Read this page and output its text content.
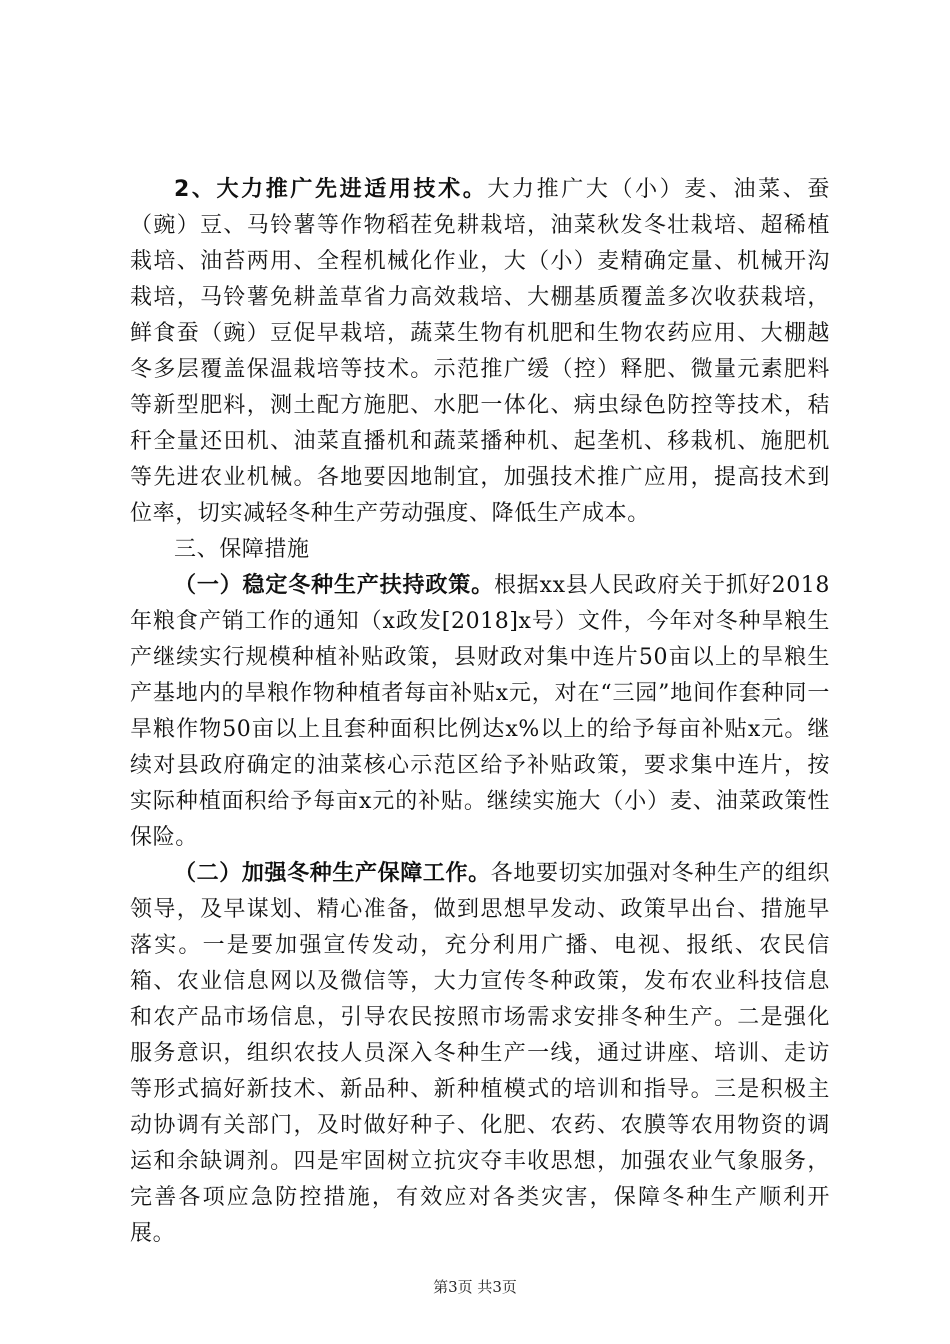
2、大力推广先进适用技术。大力推广大（小）麦、油菜、蚕（豌）豆、马铃薯等作物稻茬免耕栽培，油菜秋发冬壮栽培、超稀植栽培、油苔两用、全程机械化作业，大（小）麦精确定量、机械开沟栽培，马铃薯免耕盖草省力高效栽培、大棚基质覆盖多次收获栽培，鲜食蚕（豌）豆促早栽培，蔬菜生物有机肥和生物农药应用、大棚越冬多层覆盖保温栽培等技术。示范推广缓（控）释肥、微量元素肥料等新型肥料，测土配方施肥、水肥一体化、病虫绿色防控等技术，秸秆全量还田机、油菜直播机和蔬菜播种机、起垄机、移栽机、施肥机等先进农业机械。各地要因地制宜，加强技术推广应用，提高技术到位率，切实减轻冬种生产劳动强度、降低生产成本。

三、保障措施

（一）稳定冬种生产扶持政策。根据xx县人民政府关于抓好2018年粮食产销工作的通知（x政发[2018]x号）文件，今年对冬种旱粮生产继续实行规模种植补贴政策，县财政对集中连片50亩以上的旱粮生产基地内的旱粮作物种植者每亩补贴x元，对在“三园”地间作套种同一旱粮作物50亩以上且套种面积比例达x%以上的给予每亩补贴x元。继续对县政府确定的油菜核心示范区给予补贴政策，要求集中连片，按实际种植面积给予每亩x元的补贴。继续实施大（小）麦、油菜政策性保险。

（二）加强冬种生产保障工作。各地要切实加强对冬种生产的组织领导，及早谋划、精心准备，做到思想早发动、政策早出台、措施早落实。一是要加强宣传发动，充分利用广播、电视、报纸、农民信箱、农业信息网以及微信等，大力宣传冬种政策，发布农业科技信息和农产品市场信息，引导农民按照市场需求安排冬种生产。二是强化服务意识，组织农技人员深入冬种生产一线，通过讲座、培训、走访等形式搞好新技术、新品种、新种植模式的培训和指导。三是积极主动协调有关部门，及时做好种子、化肥、农药、农膜等农用物资的调运和余缺调剂。四是牢固树立抗灾夺丰收思想，加强农业气象服务，完善各项应急防控措施，有效应对各类灾害，保障冬种生产顺利开展。

第3页 共3页
